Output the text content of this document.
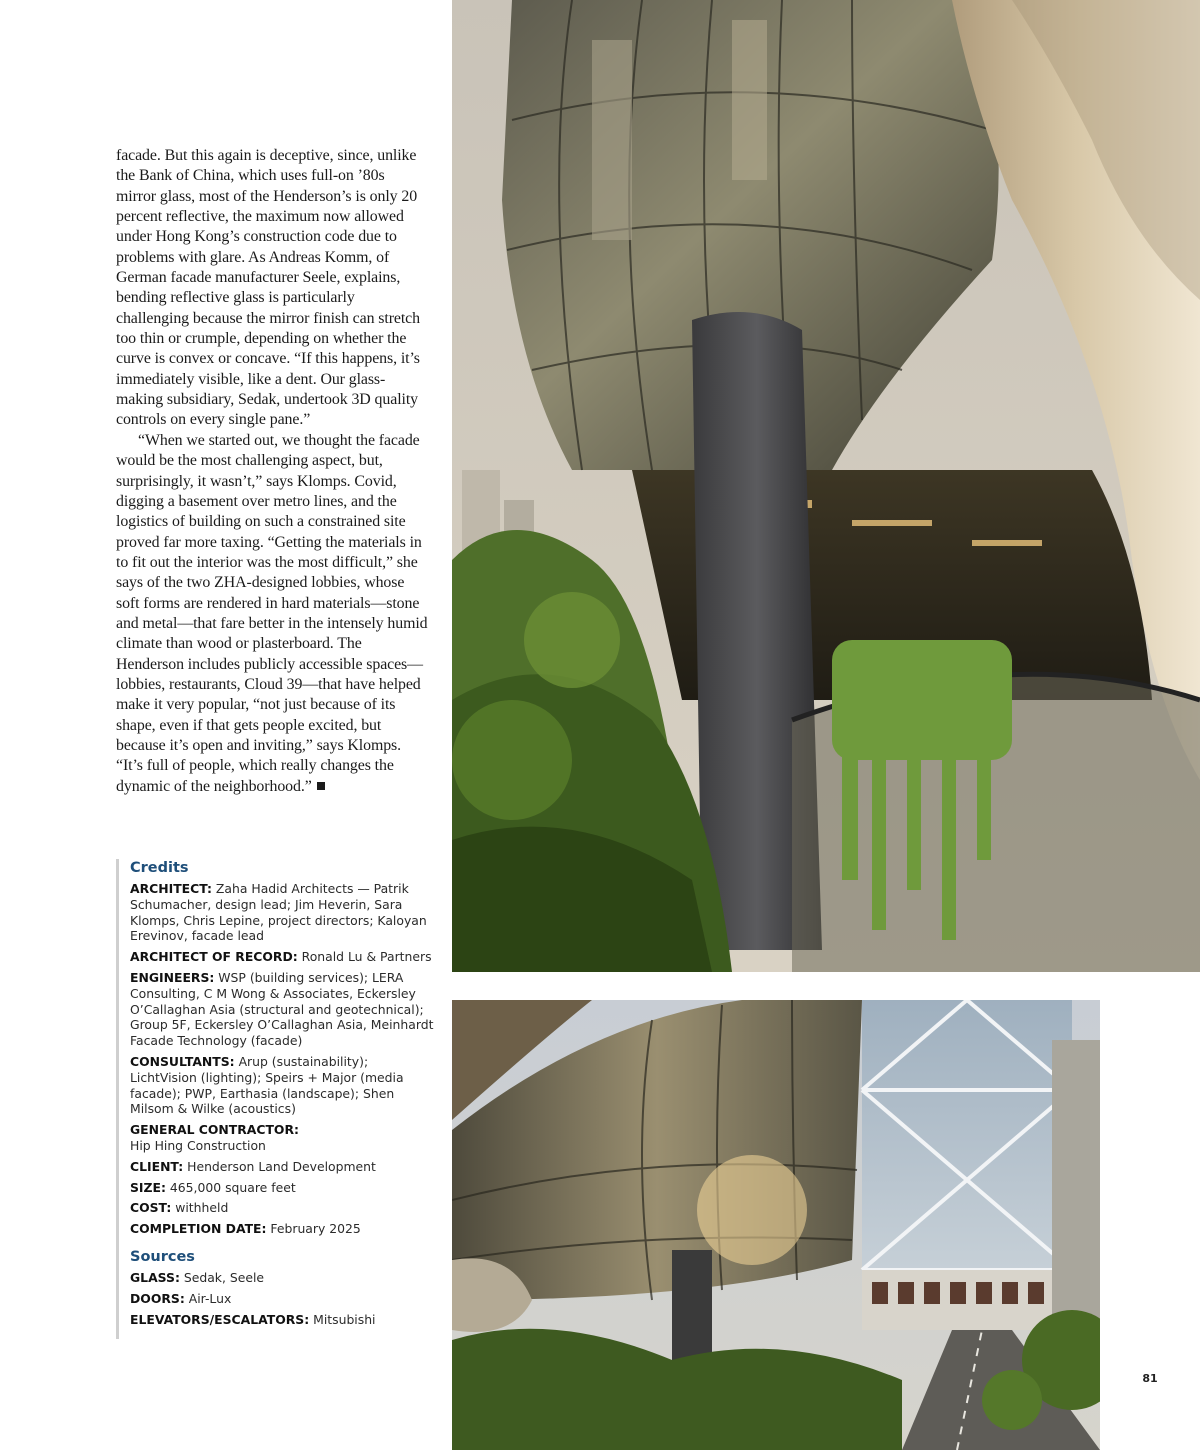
facade. But this again is deceptive, since, unlike the Bank of China, which uses full-on ’80s mirror glass, most of the Henderson’s is only 20 percent reflective, the maximum now allowed under Hong Kong’s construction code due to problems with glare. As Andreas Komm, of German facade manufacturer Seele, explains, bending reflective glass is particularly challenging because the mirror finish can stretch too thin or crumple, depending on whether the curve is convex or concave. “If this happens, it’s immediately visible, like a dent. Our glass-making subsidiary, Sedak, undertook 3D quality controls on every single pane.”

“When we started out, we thought the facade would be the most challenging aspect, but, surprisingly, it wasn’t,” says Klomps. Covid, digging a basement over metro lines, and the logistics of building on such a constrained site proved far more taxing. “Getting the materials in to fit out the interior was the most difficult,” she says of the two ZHA-designed lobbies, whose soft forms are rendered in hard materials—stone and metal—that fare better in the intensely humid climate than wood or plasterboard. The Henderson includes publicly accessible spaces—lobbies, restaurants, Cloud 39—that have helped make it very popular, “not just because of its shape, even if that gets people excited, but because it’s open and inviting,” says Klomps. “It’s full of people, which really changes the dynamic of the neighborhood.”

Credits
ARCHITECT: Zaha Hadid Architects — Patrik Schumacher, design lead; Jim Heverin, Sara Klomps, Chris Lepine, project directors; Kaloyan Erevinov, facade lead
ARCHITECT OF RECORD: Ronald Lu & Partners
ENGINEERS: WSP (building services); LERA Consulting, C M Wong & Associates, Eckersley O’Callaghan Asia (structural and geotechnical); Group 5F, Eckersley O’Callaghan Asia, Meinhardt Facade Technology (facade)
CONSULTANTS: Arup (sustainability); LichtVision (lighting); Speirs + Major (media facade); PWP, Earthasia (landscape); Shen Milsom & Wilke (acoustics)
GENERAL CONTRACTOR:
Hip Hing Construction
CLIENT: Henderson Land Development
SIZE: 465,000 square feet
COST: withheld
COMPLETION DATE: February 2025
Sources
GLASS: Sedak, Seele
DOORS: Air-Lux
ELEVATORS/ESCALATORS: Mitsubishi
81
